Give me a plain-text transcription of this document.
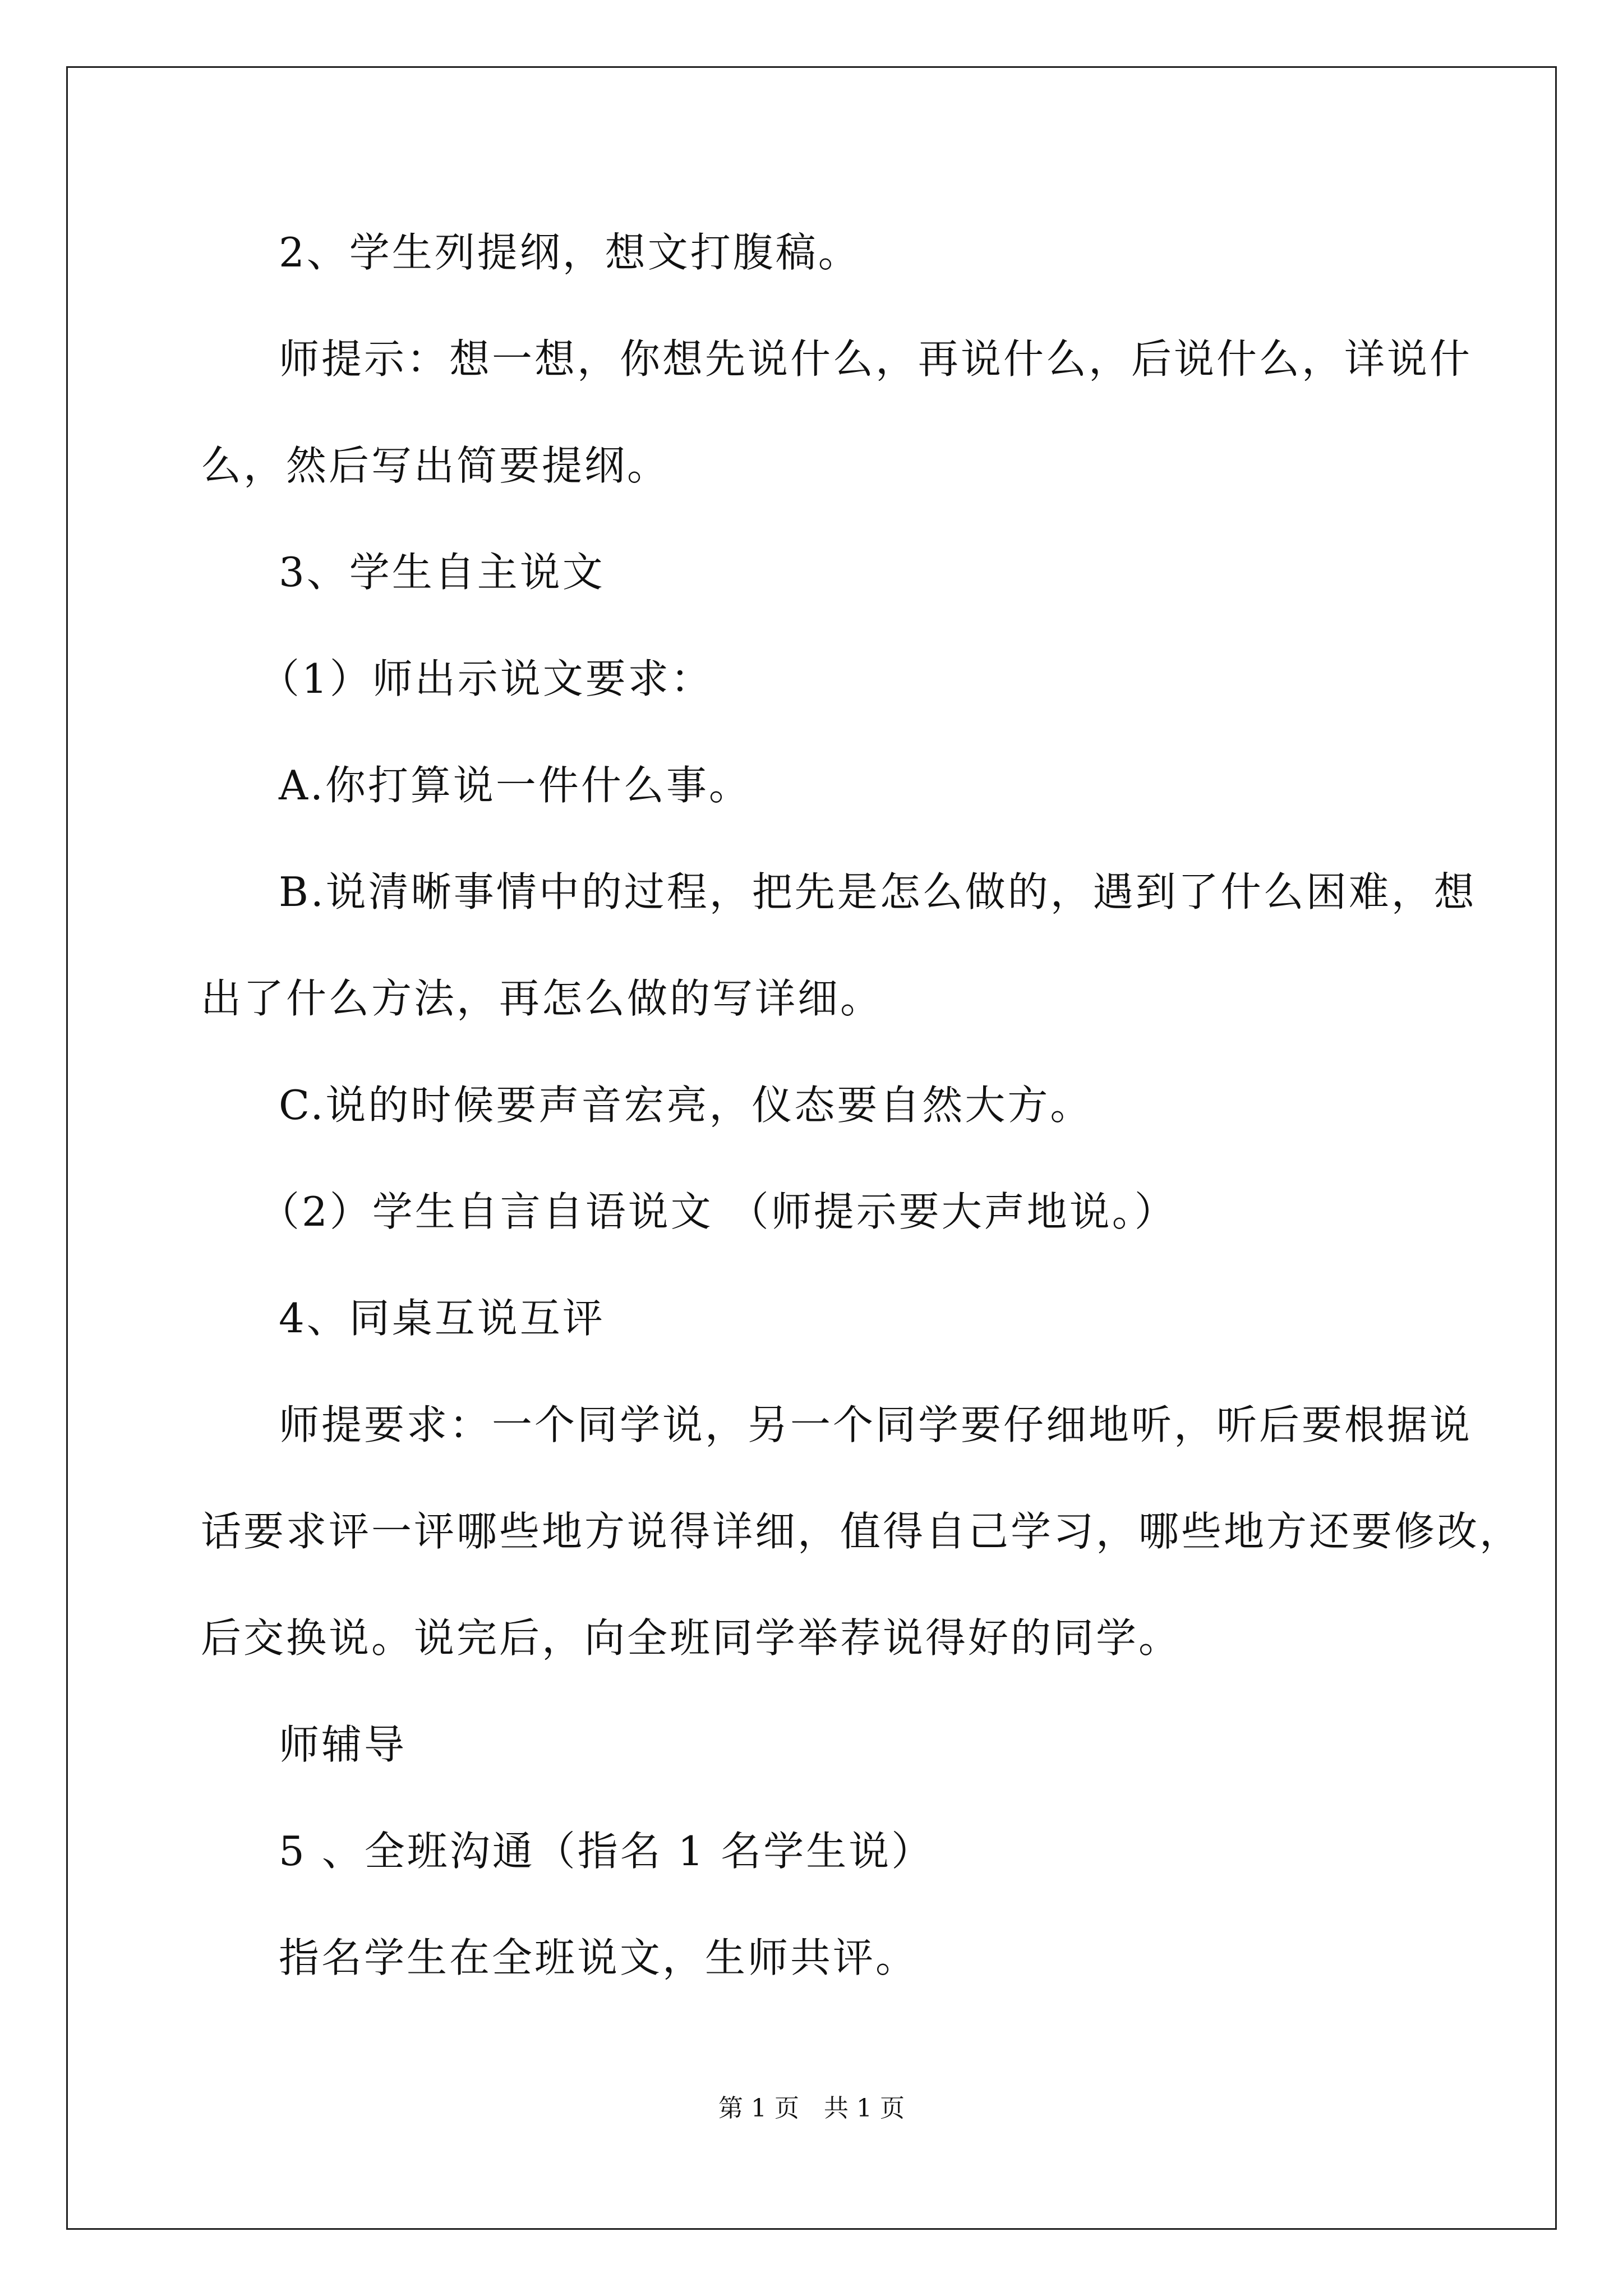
2、学生列提纲，想文打腹稿。
师提示：想一想，你想先说什么，再说什么，后说什么，详说什
么，然后写出简要提纲。
3、学生自主说文
（1）师出示说文要求：
A.你打算说一件什么事。
B.说清晰事情中的过程，把先是怎么做的，遇到了什么困难，想
出了什么方法，再怎么做的写详细。
C.说的时候要声音宏亮，仪态要自然大方。
（2）学生自言自语说文 （师提示要大声地说。）
4、同桌互说互评
师提要求：一个同学说，另一个同学要仔细地听，听后要根据说
话要求评一评哪些地方说得详细，值得自己学习，哪些地方还要修改，
后交换说。说完后，向全班同学举荐说得好的同学。
师辅导
5 、全班沟通（指名 1 名学生说）
指名学生在全班说文，生师共评。
第 1 页　共 1 页
